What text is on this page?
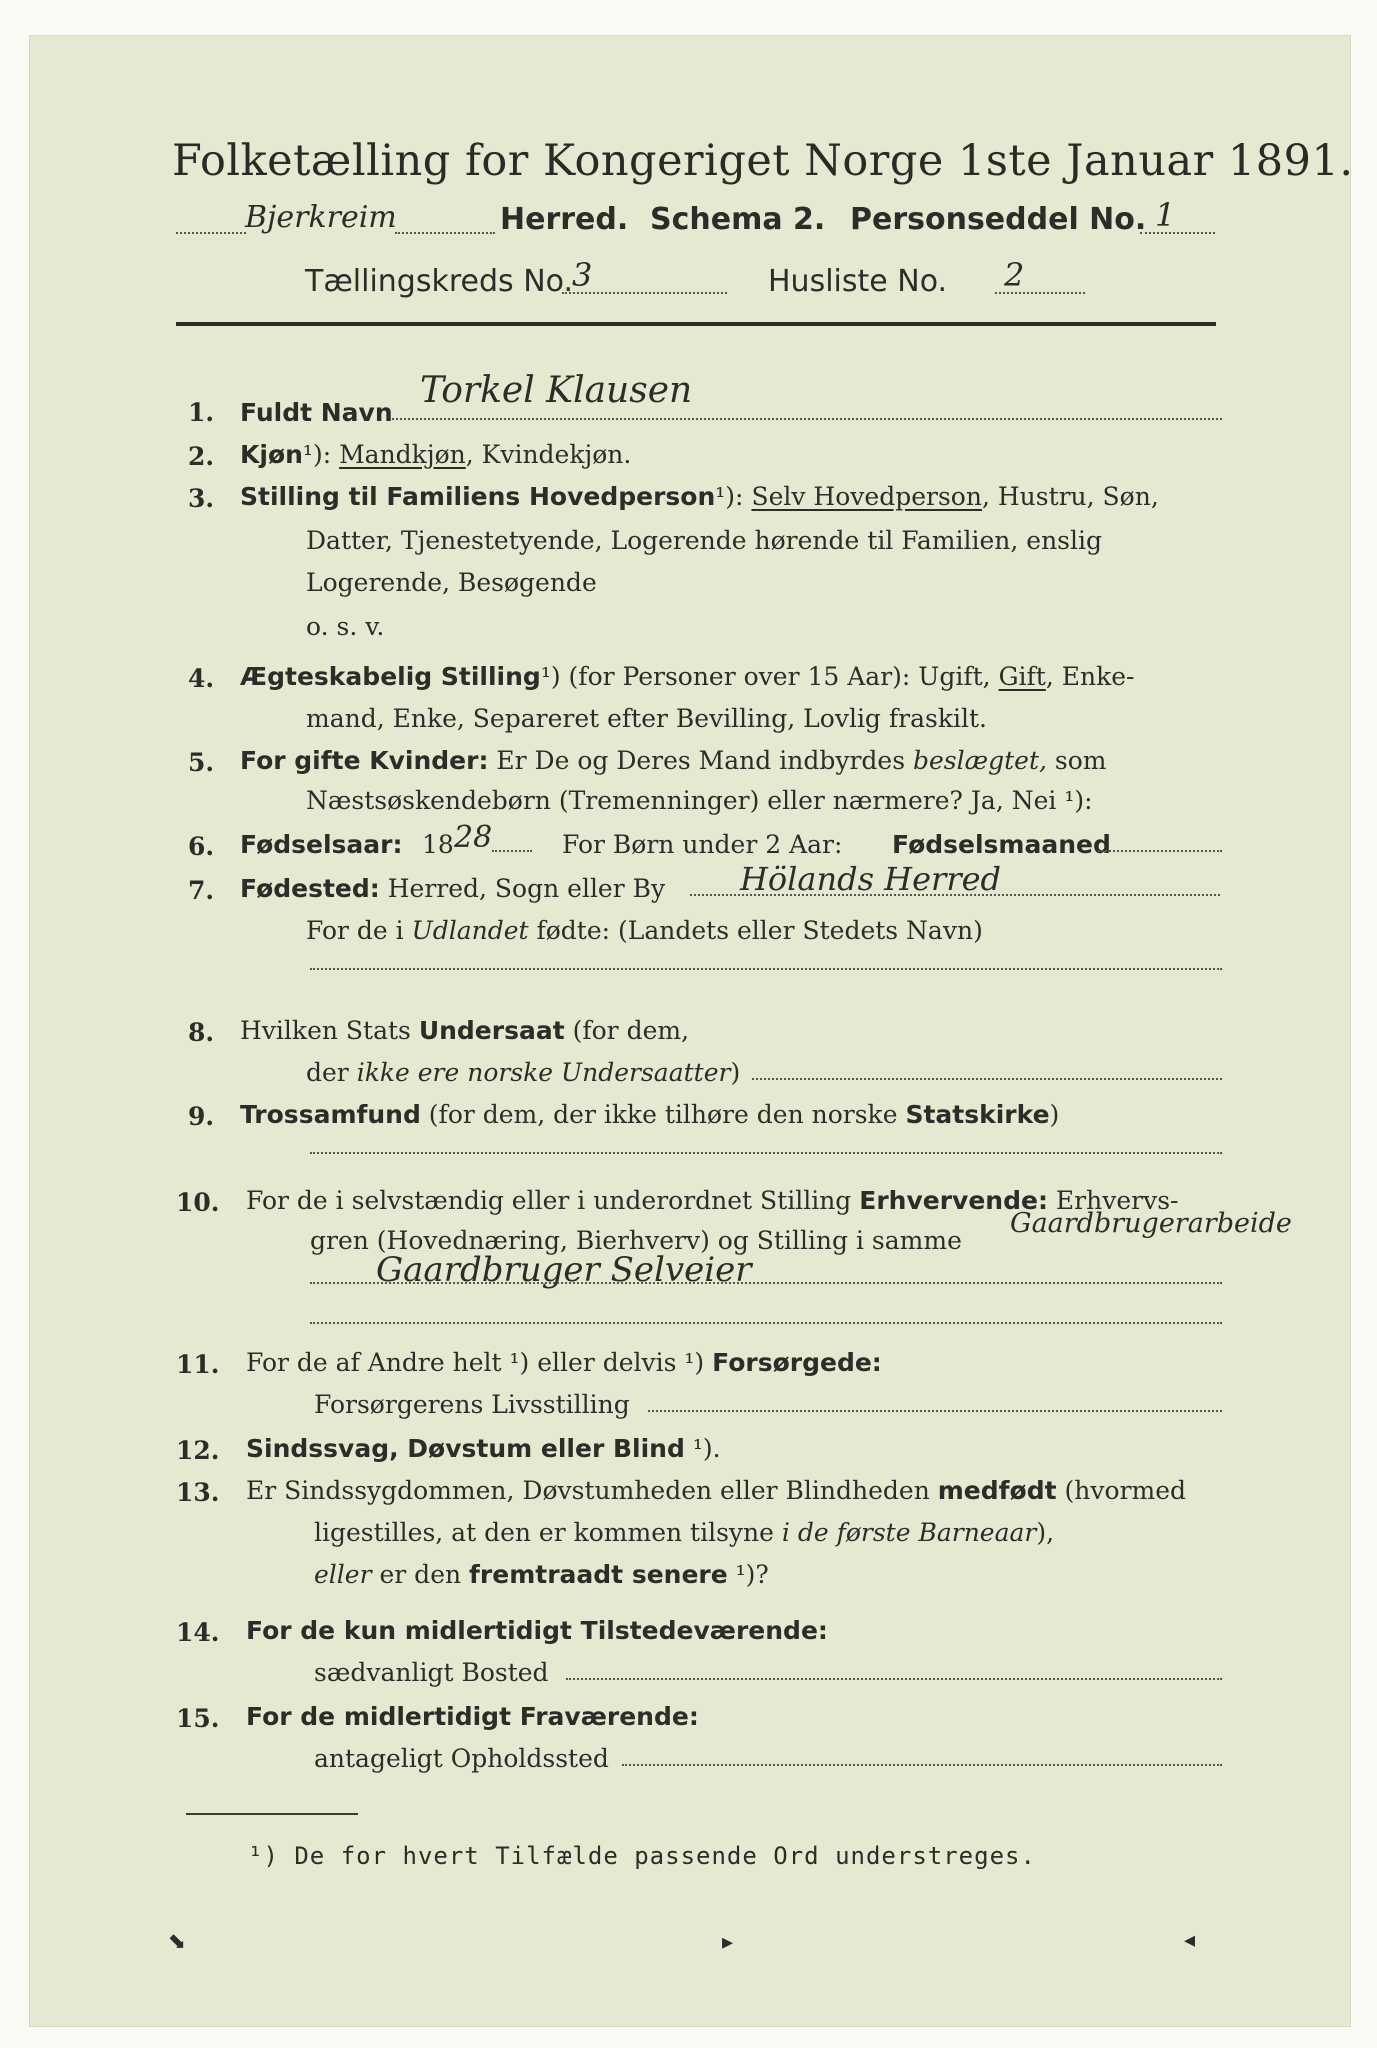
Folketælling for Kongeriget Norge 1ste Januar 1891.
Bjerkreim	Herred. Schema 2. Personseddel No. 1
Tællingskreds No. 3	Husliste No. 2
1. Fuldt Navn
Torkel Klausen
2. Kjøn¹): Mandkjøn, Kvindekjøn.
3. Stilling til Familiens Hovedperson¹): Selv Hovedperson, Hustru, Søn,
Datter, Tjenestetyende, Logerende hørende til Familien, enslig
Logerende, Besøgende
o. s. v.
4. Ægteskabelig Stilling¹) (for Personer over 15 Aar): Ugift, Gift, Enke-
mand, Enke, Separeret efter Bevilling, Lovlig fraskilt.
5. For gifte Kvinder: Er De og Deres Mand indbyrdes beslægtet, som
Næstsøskendebørn (Tremenninger) eller nærmere? Ja, Nei ¹):
6. Fødselsaar: 18 28	For Børn under 2 Aar: Fødselsmaaned
7. Fødested: Herred, Sogn eller By Hölands Herred
For de i Udlandet fødte: (Landets eller Stedets Navn)
8. Hvilken Stats Undersaat (for dem,
der ikke ere norske Undersaatter)
9. Trossamfund (for dem, der ikke tilhøre den norske Statskirke)
10. For de i selvstændig eller i underordnet Stilling Erhvervende: Erhvervs-
gren (Hovednæring, Bierhverv) og Stilling i samme
Gaardbrugerarbeide
Gaardbruger Selveier
11. For de af Andre helt ¹) eller delvis ¹) Forsørgede:
Forsørgerens Livsstilling
12. Sindssvag, Døvstum eller Blind ¹).
13. Er Sindssygdommen, Døvstumheden eller Blindheden medfødt (hvormed
ligestilles, at den er kommen tilsyne i de første Barneaar),
eller er den fremtraadt senere ¹)?
14. For de kun midlertidigt Tilstedeværende:
sædvanligt Bosted
15. For de midlertidigt Fraværende:
antageligt Opholdssted
¹) De for hvert Tilfælde passende Ord understreges.
⬊	▸	◂
